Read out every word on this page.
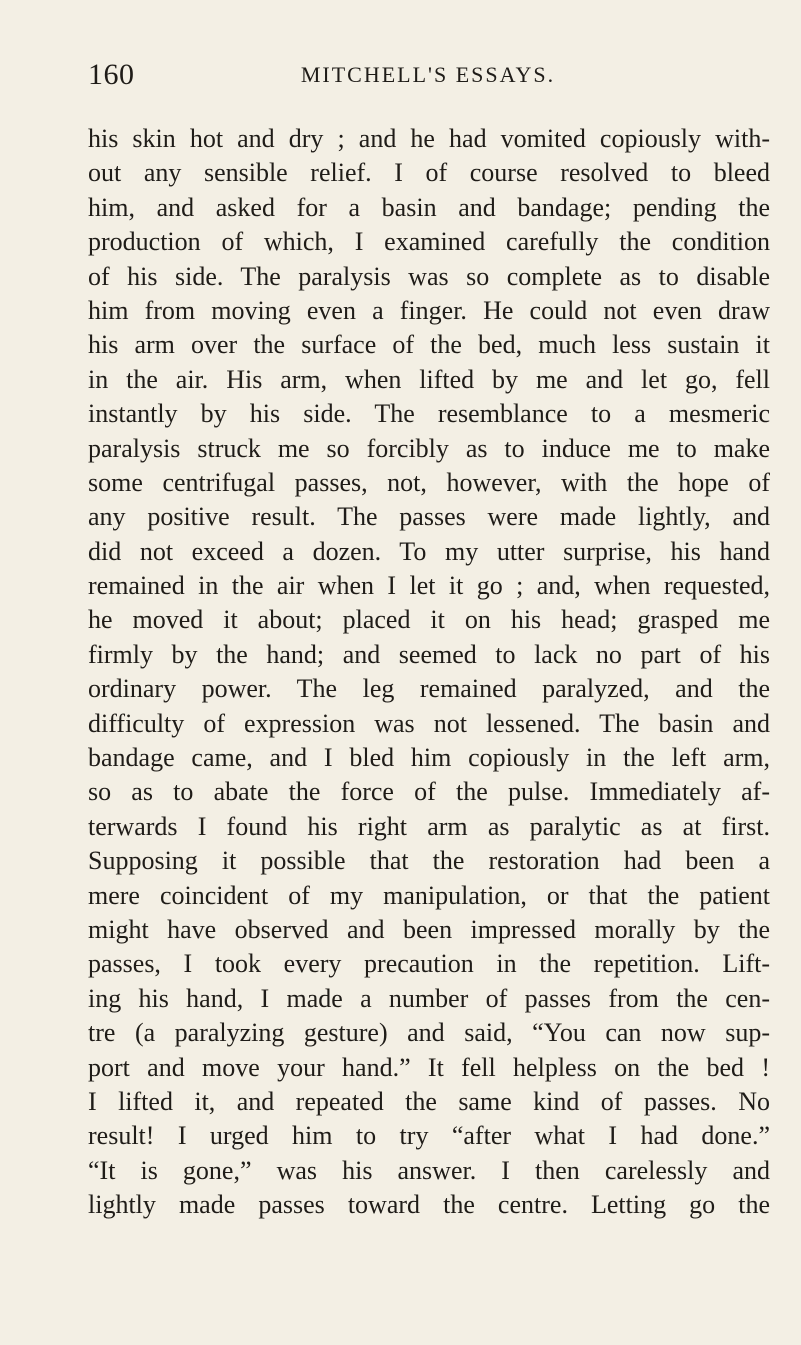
160	MITCHELL'S ESSAYS.
his skin hot and dry ; and he had vomited copiously with-
out any sensible relief. I of course resolved to bleed
him, and asked for a basin and bandage; pending the
production of which, I examined carefully the condition
of his side. The paralysis was so complete as to disable
him from moving even a finger. He could not even draw
his arm over the surface of the bed, much less sustain it
in the air. His arm, when lifted by me and let go, fell
instantly by his side. The resemblance to a mesmeric
paralysis struck me so forcibly as to induce me to make
some centrifugal passes, not, however, with the hope of
any positive result. The passes were made lightly, and
did not exceed a dozen. To my utter surprise, his hand
remained in the air when I let it go ; and, when requested,
he moved it about; placed it on his head; grasped me
firmly by the hand; and seemed to lack no part of his
ordinary power. The leg remained paralyzed, and the
difficulty of expression was not lessened. The basin and
bandage came, and I bled him copiously in the left arm,
so as to abate the force of the pulse. Immediately af-
terwards I found his right arm as paralytic as at first.
Supposing it possible that the restoration had been a
mere coincident of my manipulation, or that the patient
might have observed and been impressed morally by the
passes, I took every precaution in the repetition. Lift-
ing his hand, I made a number of passes from the cen-
tre (a paralyzing gesture) and said, “You can now sup-
port and move your hand.” It fell helpless on the bed !
I lifted it, and repeated the same kind of passes. No
result! I urged him to try “after what I had done.”
“It is gone,” was his answer. I then carelessly and
lightly made passes toward the centre. Letting go the
